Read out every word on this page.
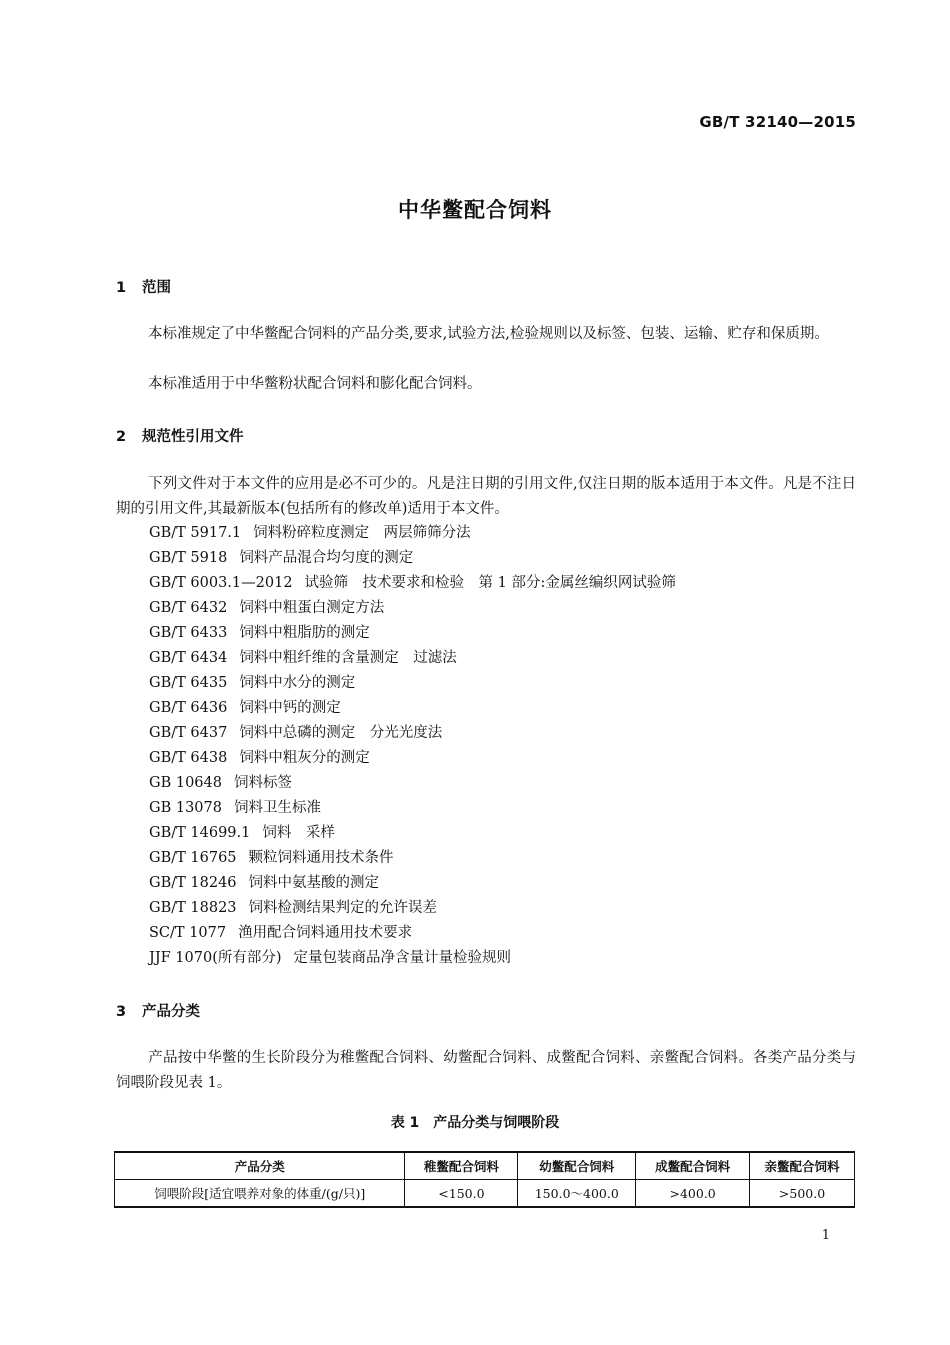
GB/T 32140—2015
中华鳖配合饲料
1 范围
本标准规定了中华鳖配合饲料的产品分类,要求,试验方法,检验规则以及标签、包装、运输、贮存和保质期。
本标准适用于中华鳖粉状配合饲料和膨化配合饲料。
2 规范性引用文件
下列文件对于本文件的应用是必不可少的。凡是注日期的引用文件,仅注日期的版本适用于本文件。凡是不注日期的引用文件,其最新版本(包括所有的修改单)适用于本文件。
GB/T 5917.1 饲料粉碎粒度测定　两层筛筛分法
GB/T 5918 饲料产品混合均匀度的测定
GB/T 6003.1—2012 试验筛　技术要求和检验　第 1 部分:金属丝编织网试验筛
GB/T 6432 饲料中粗蛋白测定方法
GB/T 6433 饲料中粗脂肪的测定
GB/T 6434 饲料中粗纤维的含量测定　过滤法
GB/T 6435 饲料中水分的测定
GB/T 6436 饲料中钙的测定
GB/T 6437 饲料中总磷的测定　分光光度法
GB/T 6438 饲料中粗灰分的测定
GB 10648 饲料标签
GB 13078 饲料卫生标准
GB/T 14699.1 饲料　采样
GB/T 16765 颗粒饲料通用技术条件
GB/T 18246 饲料中氨基酸的测定
GB/T 18823 饲料检测结果判定的允许误差
SC/T 1077 渔用配合饲料通用技术要求
JJF 1070(所有部分) 定量包装商品净含量计量检验规则
3 产品分类
产品按中华鳖的生长阶段分为稚鳖配合饲料、幼鳖配合饲料、成鳖配合饲料、亲鳖配合饲料。各类产品分类与饲喂阶段见表 1。
表 1　产品分类与饲喂阶段
产品分类	稚鳖配合饲料	幼鳖配合饲料	成鳖配合饲料	亲鳖配合饲料
饲喂阶段[适宜喂养对象的体重/(g/只)]	<150.0	150.0～400.0	>400.0	>500.0
1
